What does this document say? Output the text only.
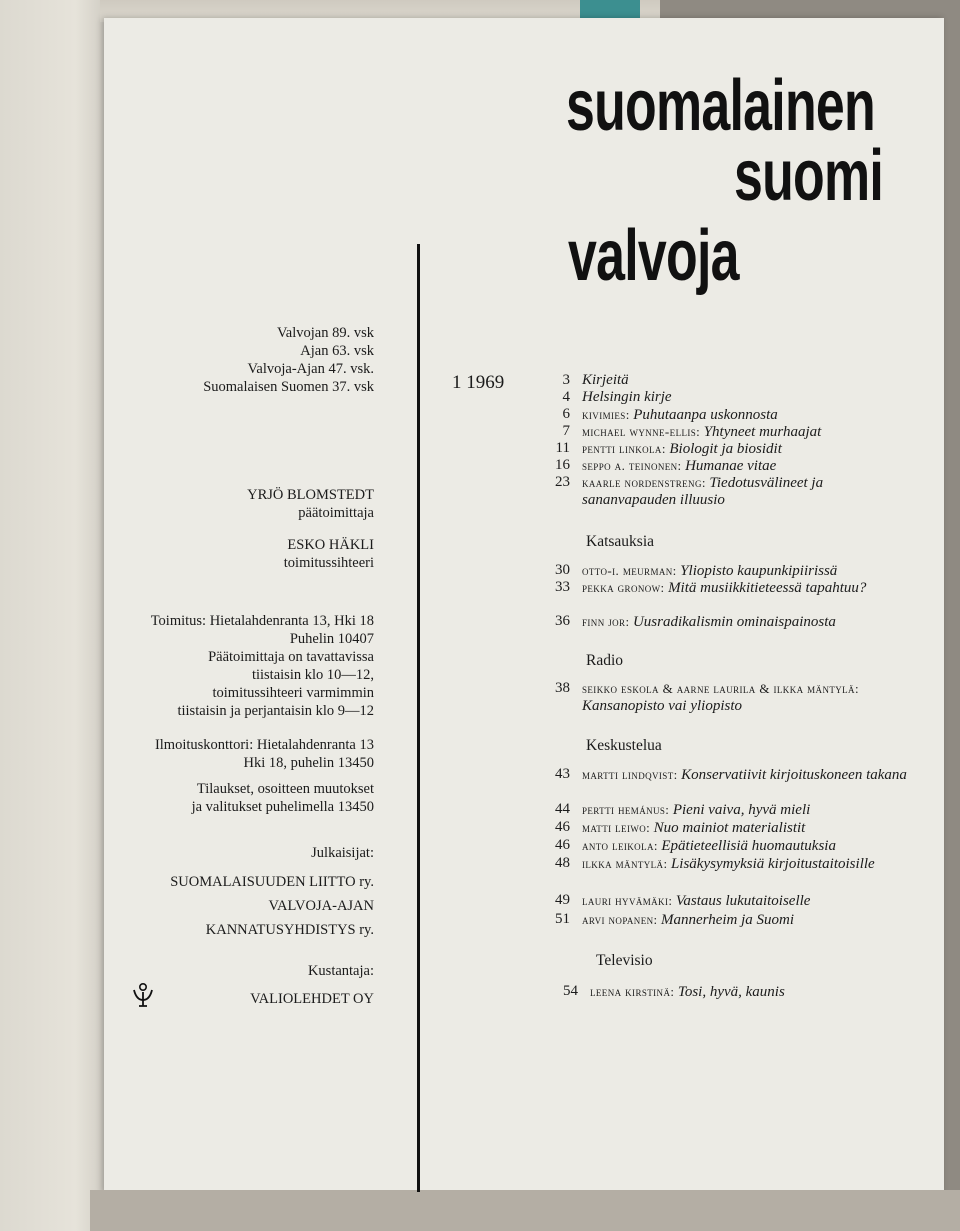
suomalainen
suomi
valvoja
Valvojan 89. vsk
Ajan 63. vsk
Valvoja-Ajan 47. vsk.
Suomalaisen Suomen 37. vsk
YRJÖ BLOMSTEDT
päätoimittaja
ESKO HÄKLI
toimitussihteeri
Toimitus: Hietalahdenranta 13, Hki 18
Puhelin 10407
Päätoimittaja on tavattavissa
tiistaisin klo 10—12,
toimitussihteeri varmimmin
tiistaisin ja perjantaisin klo 9—12
Ilmoituskonttori: Hietalahdenranta 13
Hki 18, puhelin 13450
Tilaukset, osoitteen muutokset
ja valitukset puhelimella 13450
Julkaisijat:
SUOMALAISUUDEN LIITTO ry.
VALVOJA-AJAN
KANNATUSYHDISTYS ry.
Kustantaja:
VALIOLEHDET OY
1 1969	3 Kirjeitä
4 Helsingin kirje
6 kivimies: Puhutaanpa uskonnosta
7 michael wynne-ellis: Yhtyneet murhaajat
11 pentti linkola: Biologit ja biosidit
16 seppo a. teinonen: Humanae vitae
23 kaarle nordenstreng: Tiedotusvälineet ja sananvapauden illuusio
Katsauksia
30 otto-i. meurman: Yliopisto kaupunkipiirissä
33 pekka gronow: Mitä musiikkitieteessä tapahtuu?
36 finn jor: Uusradikalismin ominaispainosta
Radio
38 seikko eskola & aarne laurila & ilkka mäntylä: Kansanopisto vai yliopisto
Keskustelua
43 martti lindqvist: Konservatiivit kirjoituskoneen takana
44 pertti hemánus: Pieni vaiva, hyvä mieli
46 matti leiwo: Nuo mainiot materialistit
46 anto leikola: Epätieteellisiä huomautuksia
48 ilkka mäntylä: Lisäkysymyksiä kirjoitustaitoisille
49 lauri hyvämäki: Vastaus lukutaitoiselle
51 arvi nopanen: Mannerheim ja Suomi
Televisio
54 leena kirstinä: Tosi, hyvä, kaunis
